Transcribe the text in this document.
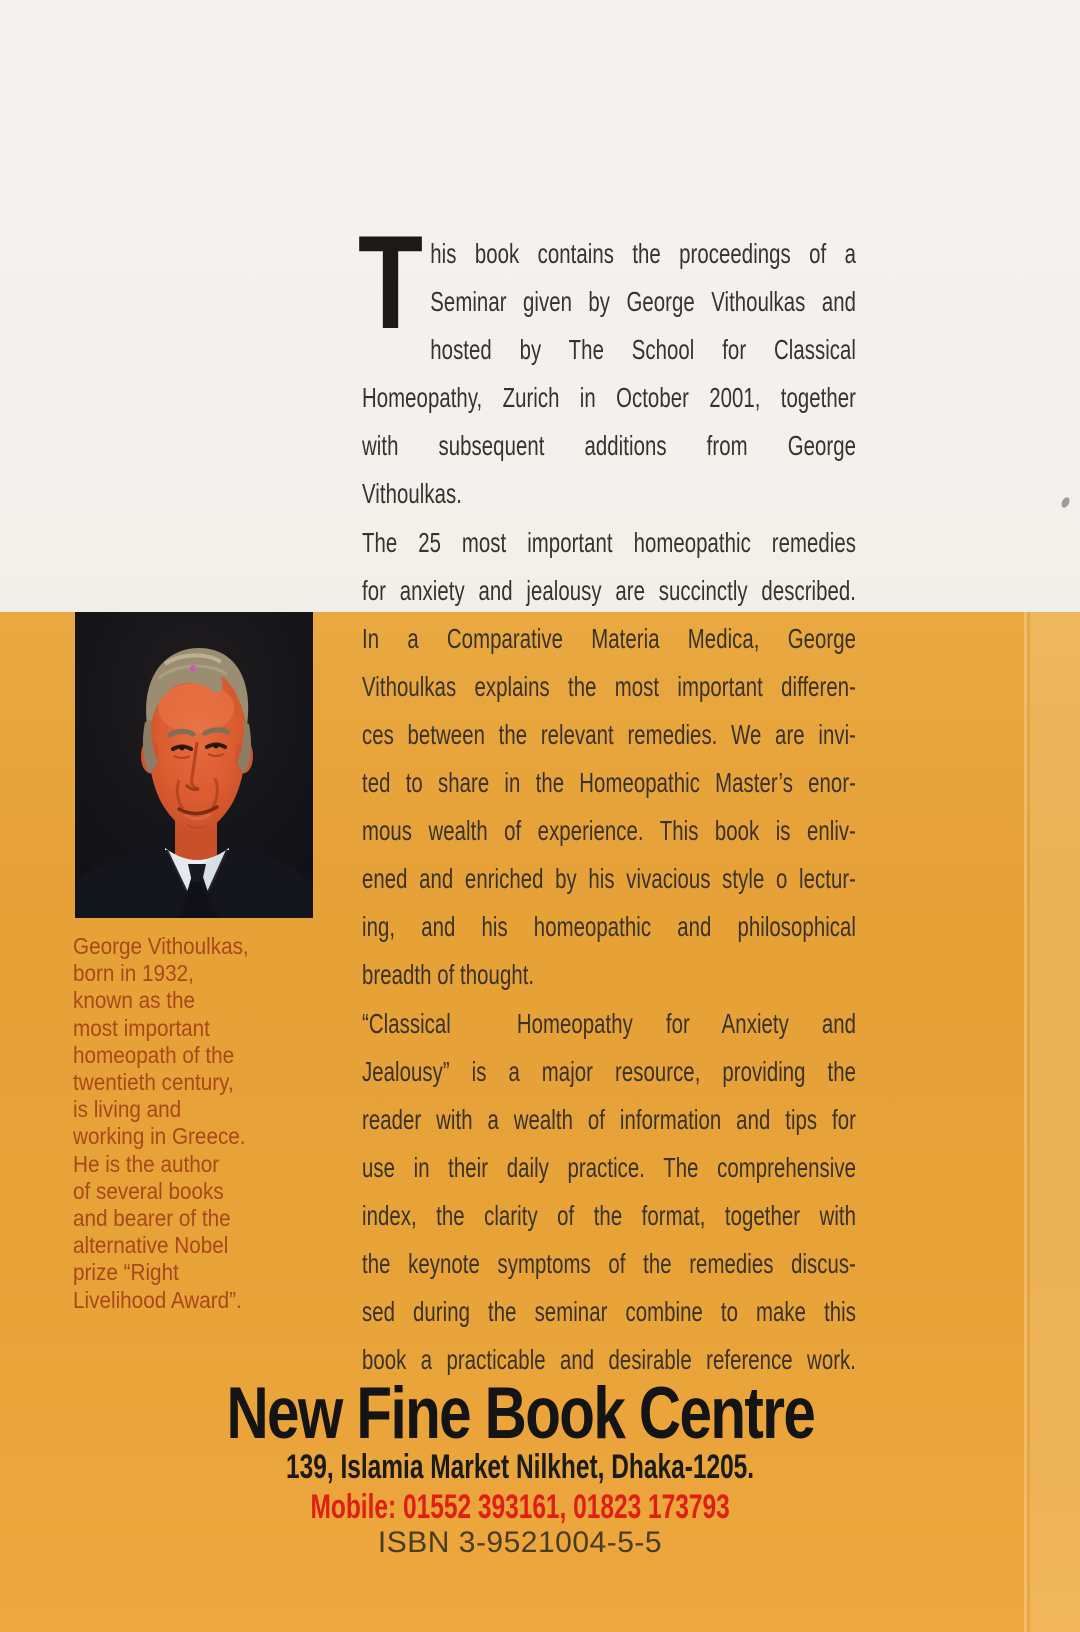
T his book contains the proceedings of a
Seminar given by George Vithoulkas and
hosted by The School for Classical
Homeopathy, Zurich in October 2001, together
with subsequent additions from George
Vithoulkas.
The 25 most important homeopathic remedies
for anxiety and jealousy are succinctly described.
In a Comparative Materia Medica, George
Vithoulkas explains the most important differen-
ces between the relevant remedies. We are invi-
ted to share in the Homeopathic Master’s enor-
mous wealth of experience. This book is enliv-
ened and enriched by his vivacious style o lectur-
ing, and his homeopathic and philosophical
breadth of thought.
“Classical  Homeopathy for Anxiety and
Jealousy” is a major resource, providing the
reader with a wealth of information and tips for
use in their daily practice. The comprehensive
index, the clarity of the format, together with
the keynote symptoms of the remedies discus-
sed during the seminar combine to make this
book a practicable and desirable reference work.
George Vithoulkas,
born in 1932,
known as the
most important
homeopath of the
twentieth century,
is living and
working in Greece.
He is the author
of several books
and bearer of the
alternative Nobel
prize “Right
Livelihood Award”.
New Fine Book Centre
139, Islamia Market Nilkhet, Dhaka-1205.
Mobile: 01552 393161, 01823 173793
ISBN 3-9521004-5-5
